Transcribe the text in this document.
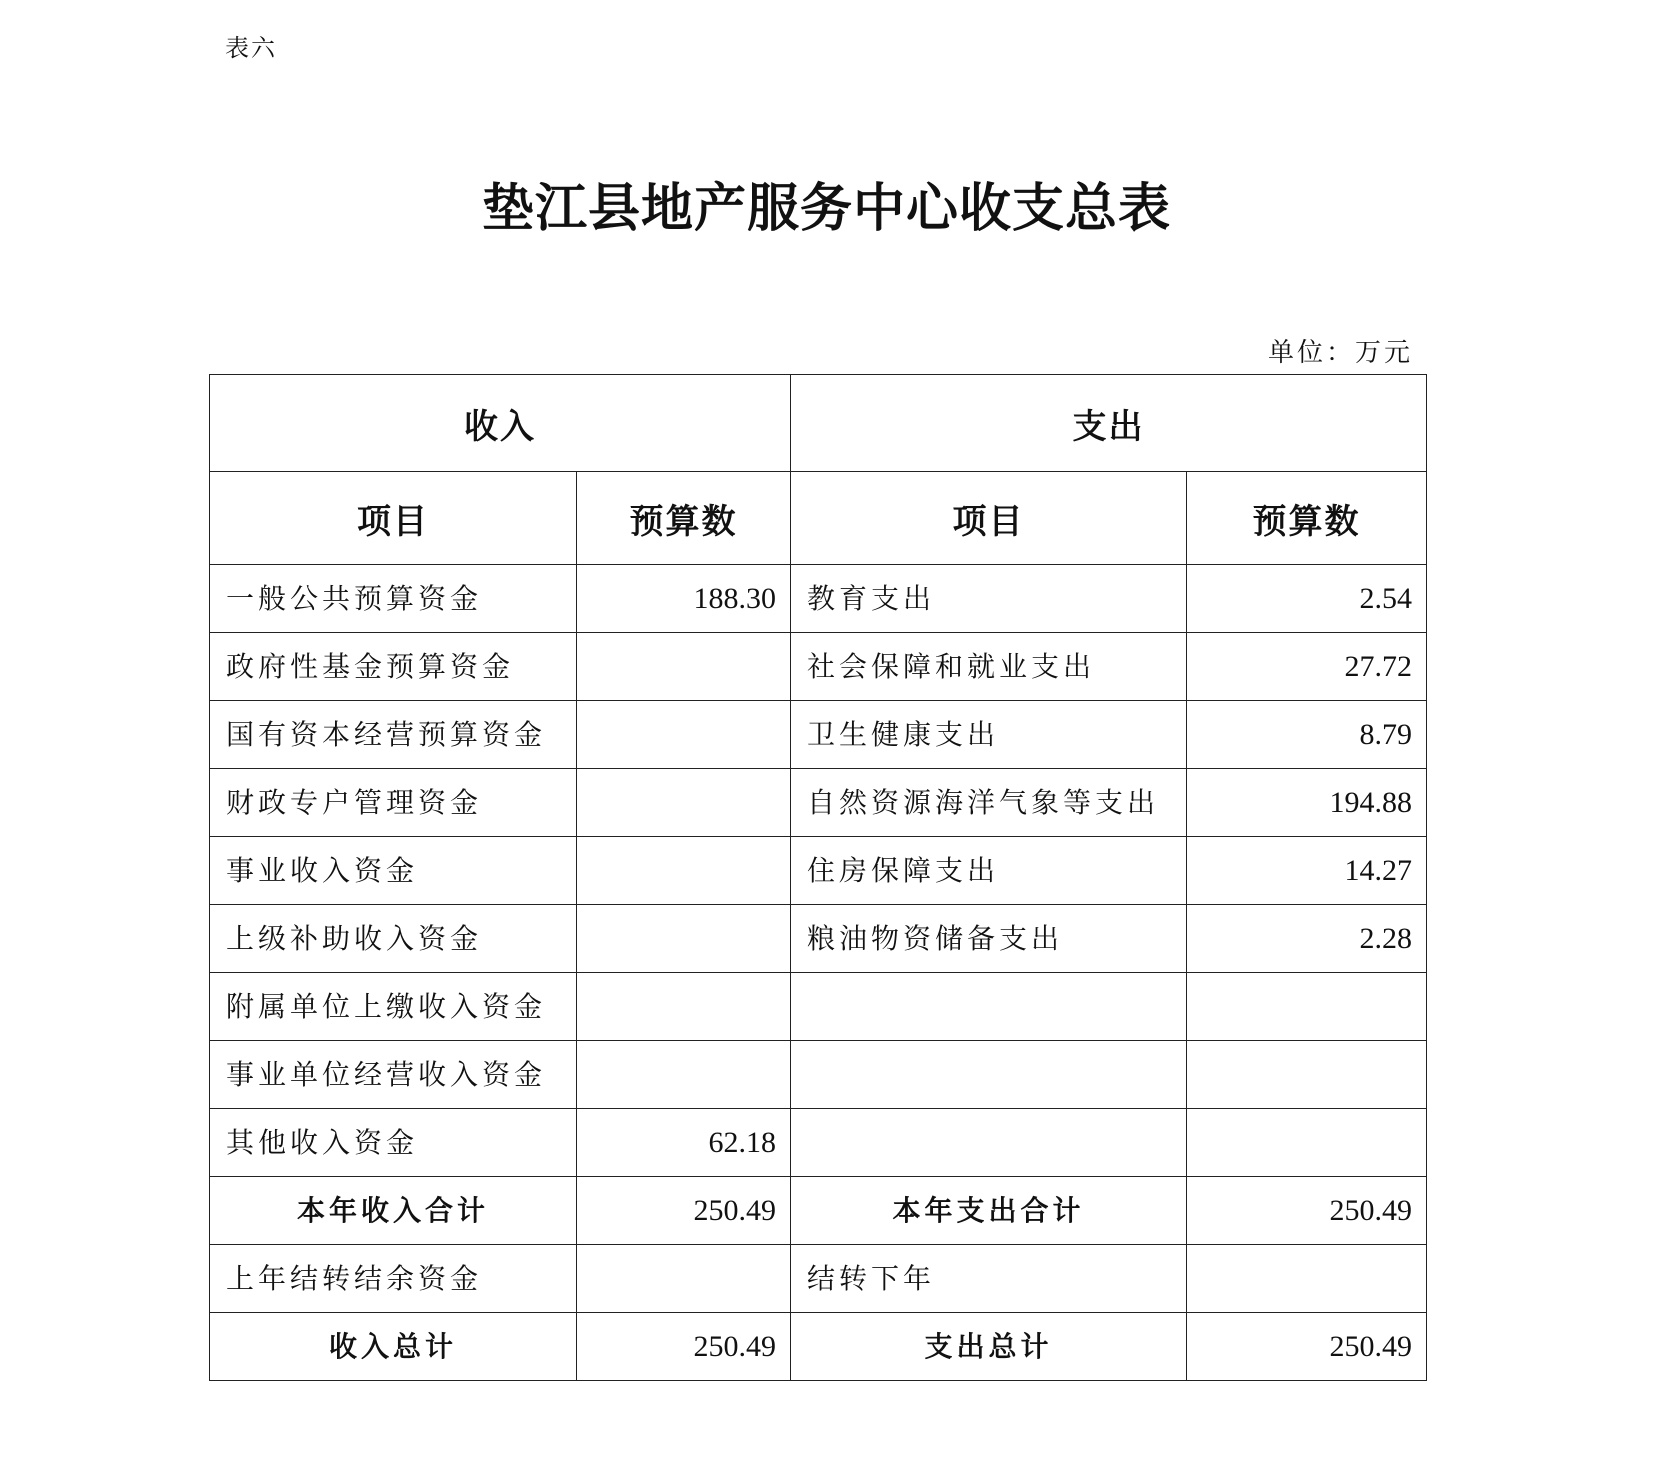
表六
垫江县地产服务中心收支总表
单位：万元
收入		支出	
项目	预算数	项目	预算数
一般公共预算资金	188.30	教育支出	2.54
政府性基金预算资金		社会保障和就业支出	27.72
国有资本经营预算资金		卫生健康支出	8.79
财政专户管理资金		自然资源海洋气象等支出	194.88
事业收入资金		住房保障支出	14.27
上级补助收入资金		粮油物资储备支出	2.28
附属单位上缴收入资金			
事业单位经营收入资金			
其他收入资金	62.18		
本年收入合计	250.49	本年支出合计	250.49
上年结转结余资金		结转下年	
收入总计	250.49	支出总计	250.49
